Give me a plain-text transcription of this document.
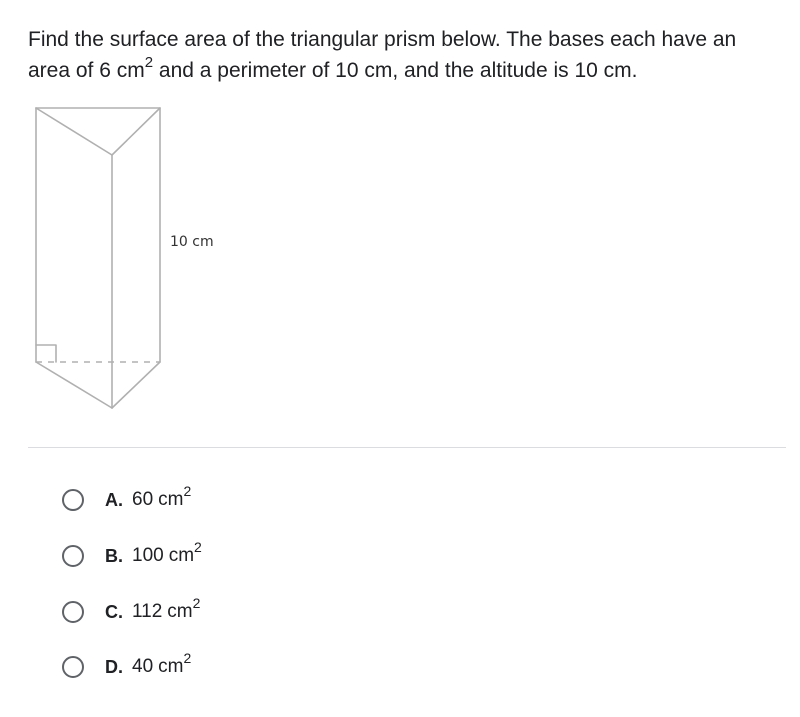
Find the surface area of the triangular prism below. The bases each have an area of 6 $cm^2$ and a perimeter of 10 cm, and the altitude is 10 cm.

10 cm
A. 60 $cm^2$
B. 100 $cm^2$
C. 112 $cm^2$
D. 40 $cm^2$
